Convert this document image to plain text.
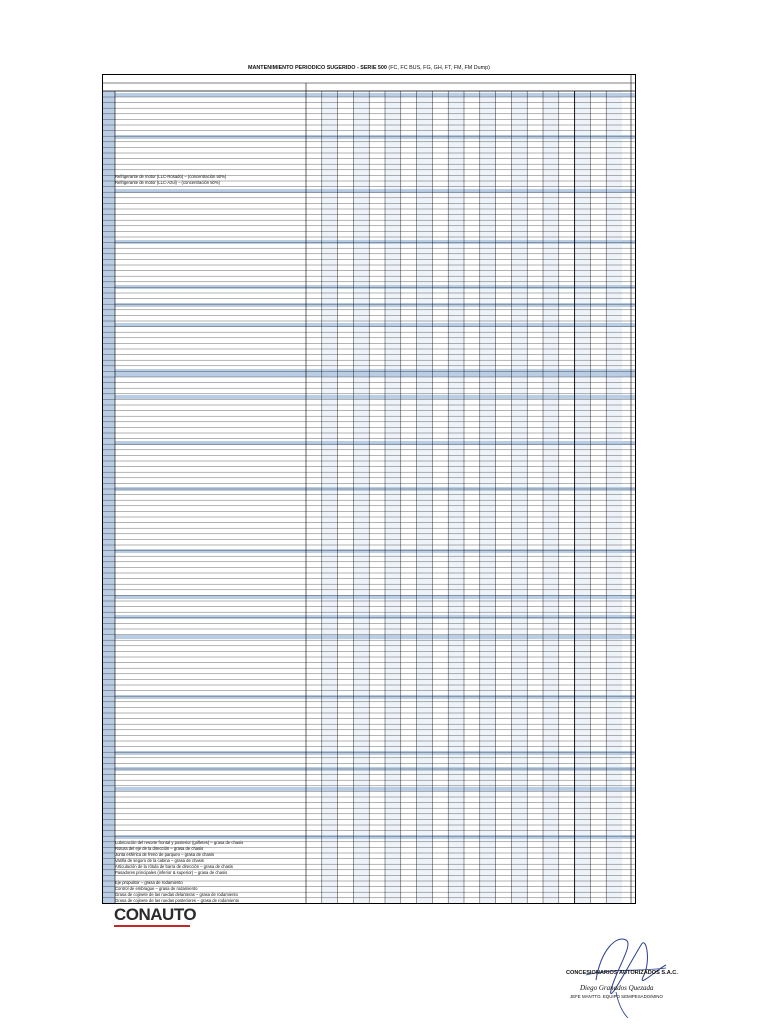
MANTENIMIENTO PERIODICO SUGERIDO - SERIE 500 (FC, FC BUS, FG, GH, FT, FM, FM Dump)
Refrigerante de motor (LLC-Rosado) – (concentración 50%)
Refrigerante de motor (LLC-Azul) – (concentración 50%)
Lubricación del resorte frontal y posterior (grilletes) – grasa de chasis
Rotura del eje de la dirección – grasa de chasis
Junta esférica de freno de parqueo – grasa de chasis
Varilla de seguro de la cabina – grasa de chasis
Articulación de la rótula de barra de dirección – grasa de chasis
Pasadores principales (inferior & superior) – grasa de chasis
Eje propulsor – grasa de rodamiento
Control de embrague – grasa de rodamiento
Grasa de cojinete de las ruedas delanteras – grasa de rodamiento
Grasa de cojinete de las ruedas posteriores – grasa de rodamiento
CONAUTO
CONCESIONARIOS AUTORIZADOS S.A.C.
Diego Granados Quezada
JEFE MANTTO. EQUIPO SEMIPESADO/MINO
